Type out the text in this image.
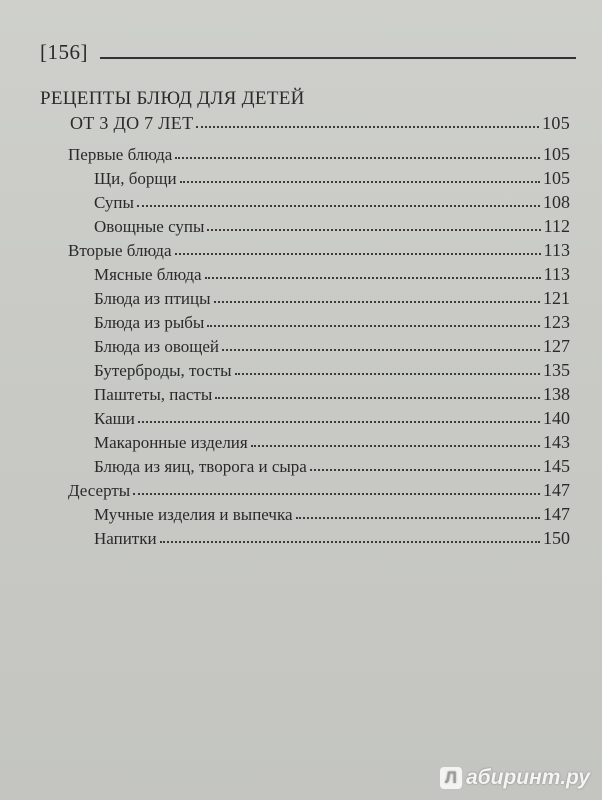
[156]
РЕЦЕПТЫ БЛЮД ДЛЯ ДЕТЕЙ
ОТ 3 ДО 7 ЛЕТ	105
Первые блюда	105
Щи, борщи	105
Супы	108
Овощные супы	112
Вторые блюда	113
Мясные блюда	113
Блюда из птицы	121
Блюда из рыбы	123
Блюда из овощей	127
Бутерброды, тосты	135
Паштеты, пасты	138
Каши	140
Макаронные изделия	143
Блюда из яиц, творога и сыра	145
Десерты	147
Мучные изделия и выпечка	147
Напитки	150
Л абиринт.ру
